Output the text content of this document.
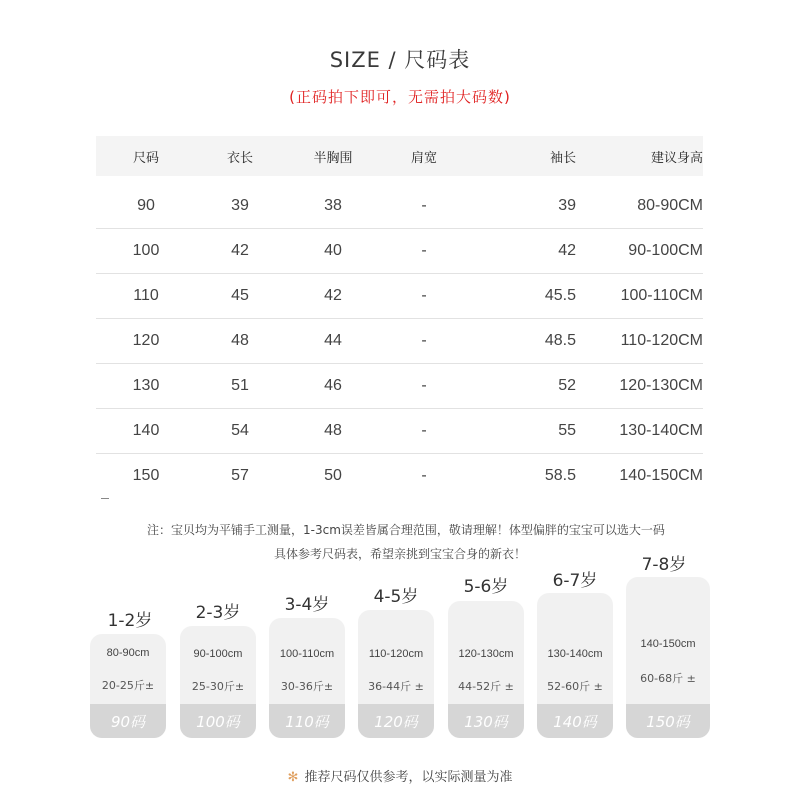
SIZE / 尺码表
(正码拍下即可，无需拍大码数)
尺码	衣长	半胸围	肩宽	袖长	建议身高
90	39	38	-	39	80-90CM
100	42	40	-	42	90-100CM
110	45	42	-	45.5	100-110CM
120	48	44	-	48.5	110-120CM
130	51	46	-	52	120-130CM
140	54	48	-	55	130-140CM
150	57	50	-	58.5	140-150CM
注：宝贝均为平铺手工测量，1-3cm误差皆属合理范围，敬请理解！体型偏胖的宝宝可以选大一码
具体参考尺码表，希望亲挑到宝宝合身的新衣！
1-2岁
80-90cm
20-25斤±
90码
2-3岁
90-100cm
25-30斤±
100码
3-4岁
100-110cm
30-36斤±
110码
4-5岁
110-120cm
36-44斤 ±
120码
5-6岁
120-130cm
44-52斤 ±
130码
6-7岁
130-140cm
52-60斤 ±
140码
7-8岁
140-150cm
60-68斤 ±
150码
✻ 推荐尺码仅供参考，以实际测量为准
